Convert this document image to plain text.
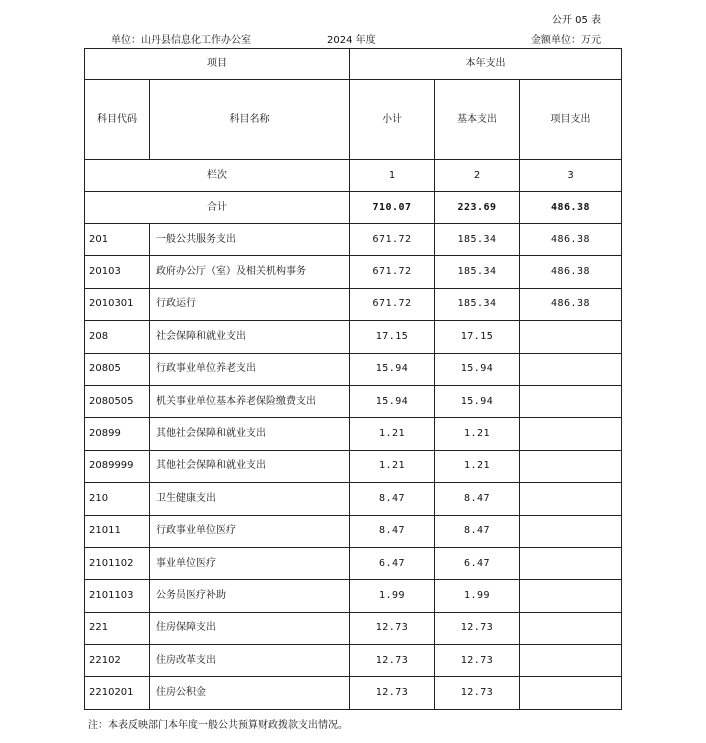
公开 05 表
单位：山丹县信息化工作办公室	2024 年度	金额单位：万元
项目		本年支出		
科目代码	科目名称	小计	基本支出	项目支出
栏次		1	2	3
合计		710.07	223.69	486.38
201	一般公共服务支出	671.72	185.34	486.38
20103	政府办公厅（室）及相关机构事务	671.72	185.34	486.38
2010301	行政运行	671.72	185.34	486.38
208	社会保障和就业支出	17.15	17.15	
20805	行政事业单位养老支出	15.94	15.94	
2080505	机关事业单位基本养老保险缴费支出	15.94	15.94	
20899	其他社会保障和就业支出	1.21	1.21	
2089999	其他社会保障和就业支出	1.21	1.21	
210	卫生健康支出	8.47	8.47	
21011	行政事业单位医疗	8.47	8.47	
2101102	事业单位医疗	6.47	6.47	
2101103	公务员医疗补助	1.99	1.99	
221	住房保障支出	12.73	12.73	
22102	住房改革支出	12.73	12.73	
2210201	住房公积金	12.73	12.73	
注：本表反映部门本年度一般公共预算财政拨款支出情况。
